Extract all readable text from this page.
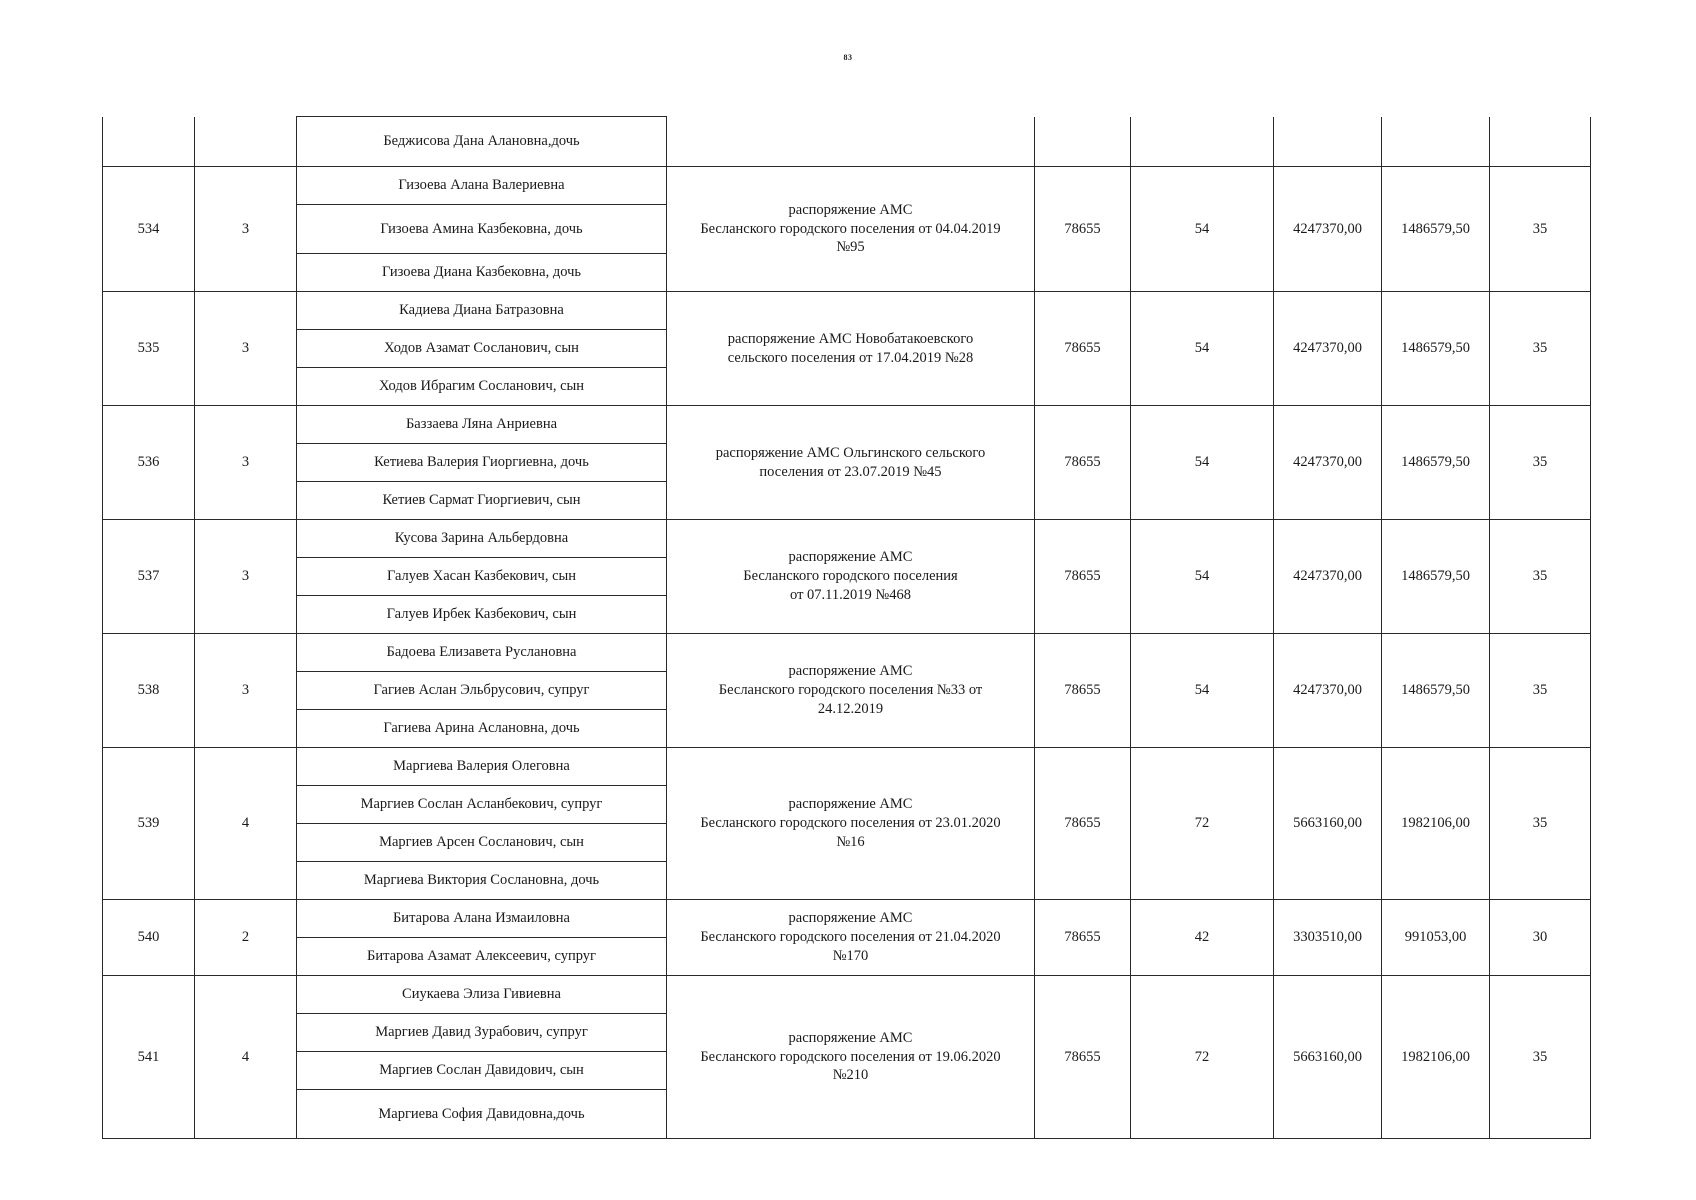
83
		Беджисова Дана Алановна,дочь						
534	3	Гизоева Алана Валериевна	распоряжение АМС
Бесланского городского поселения от 04.04.2019
№95	78655	54	4247370,00	1486579,50	35
		Гизоева Амина Казбековна, дочь						
		Гизоева Диана Казбековна, дочь						
535	3	Кадиева Диана Батразовна	распоряжение АМС Новобатакоевского
сельского поселения от 17.04.2019 №28	78655	54	4247370,00	1486579,50	35
		Ходов Азамат Сосланович, сын						
		Ходов Ибрагим Сосланович, сын						
536	3	Баззаева Ляна Анриевна	распоряжение АМС Ольгинского сельского
поселения от 23.07.2019 №45	78655	54	4247370,00	1486579,50	35
		Кетиева Валерия Гиоргиевна, дочь						
		Кетиев Сармат Гиоргиевич, сын						
537	3	Кусова Зарина Альбердовна	распоряжение АМС
Бесланского городского поселения
от 07.11.2019 №468	78655	54	4247370,00	1486579,50	35
		Галуев Хасан Казбекович, сын						
		Галуев Ирбек Казбекович, сын						
538	3	Бадоева Елизавета Руслановна	распоряжение АМС
Бесланского городского поселения №33 от
24.12.2019	78655	54	4247370,00	1486579,50	35
		Гагиев Аслан Эльбрусович, супруг						
		Гагиева Арина Аслановна, дочь						
539	4	Маргиева Валерия Олеговна	распоряжение АМС
Бесланского городского поселения от 23.01.2020
№16	78655	72	5663160,00	1982106,00	35
		Маргиев Сослан Асланбекович, супруг						
		Маргиев Арсен Сосланович, сын						
		Маргиева Виктория Сослановна, дочь						
540	2	Битарова Алана Измаиловна	распоряжение АМС
Бесланского городского поселения от 21.04.2020
№170	78655	42	3303510,00	991053,00	30
		Битарова Азамат Алексеевич, супруг						
541	4	Сиукаева Элиза Гивиевна	распоряжение АМС
Бесланского городского поселения от 19.06.2020
№210	78655	72	5663160,00	1982106,00	35
		Маргиев Давид Зурабович, супруг						
		Маргиев Сослан Давидович, сын						
		Маргиева София Давидовна,дочь						
